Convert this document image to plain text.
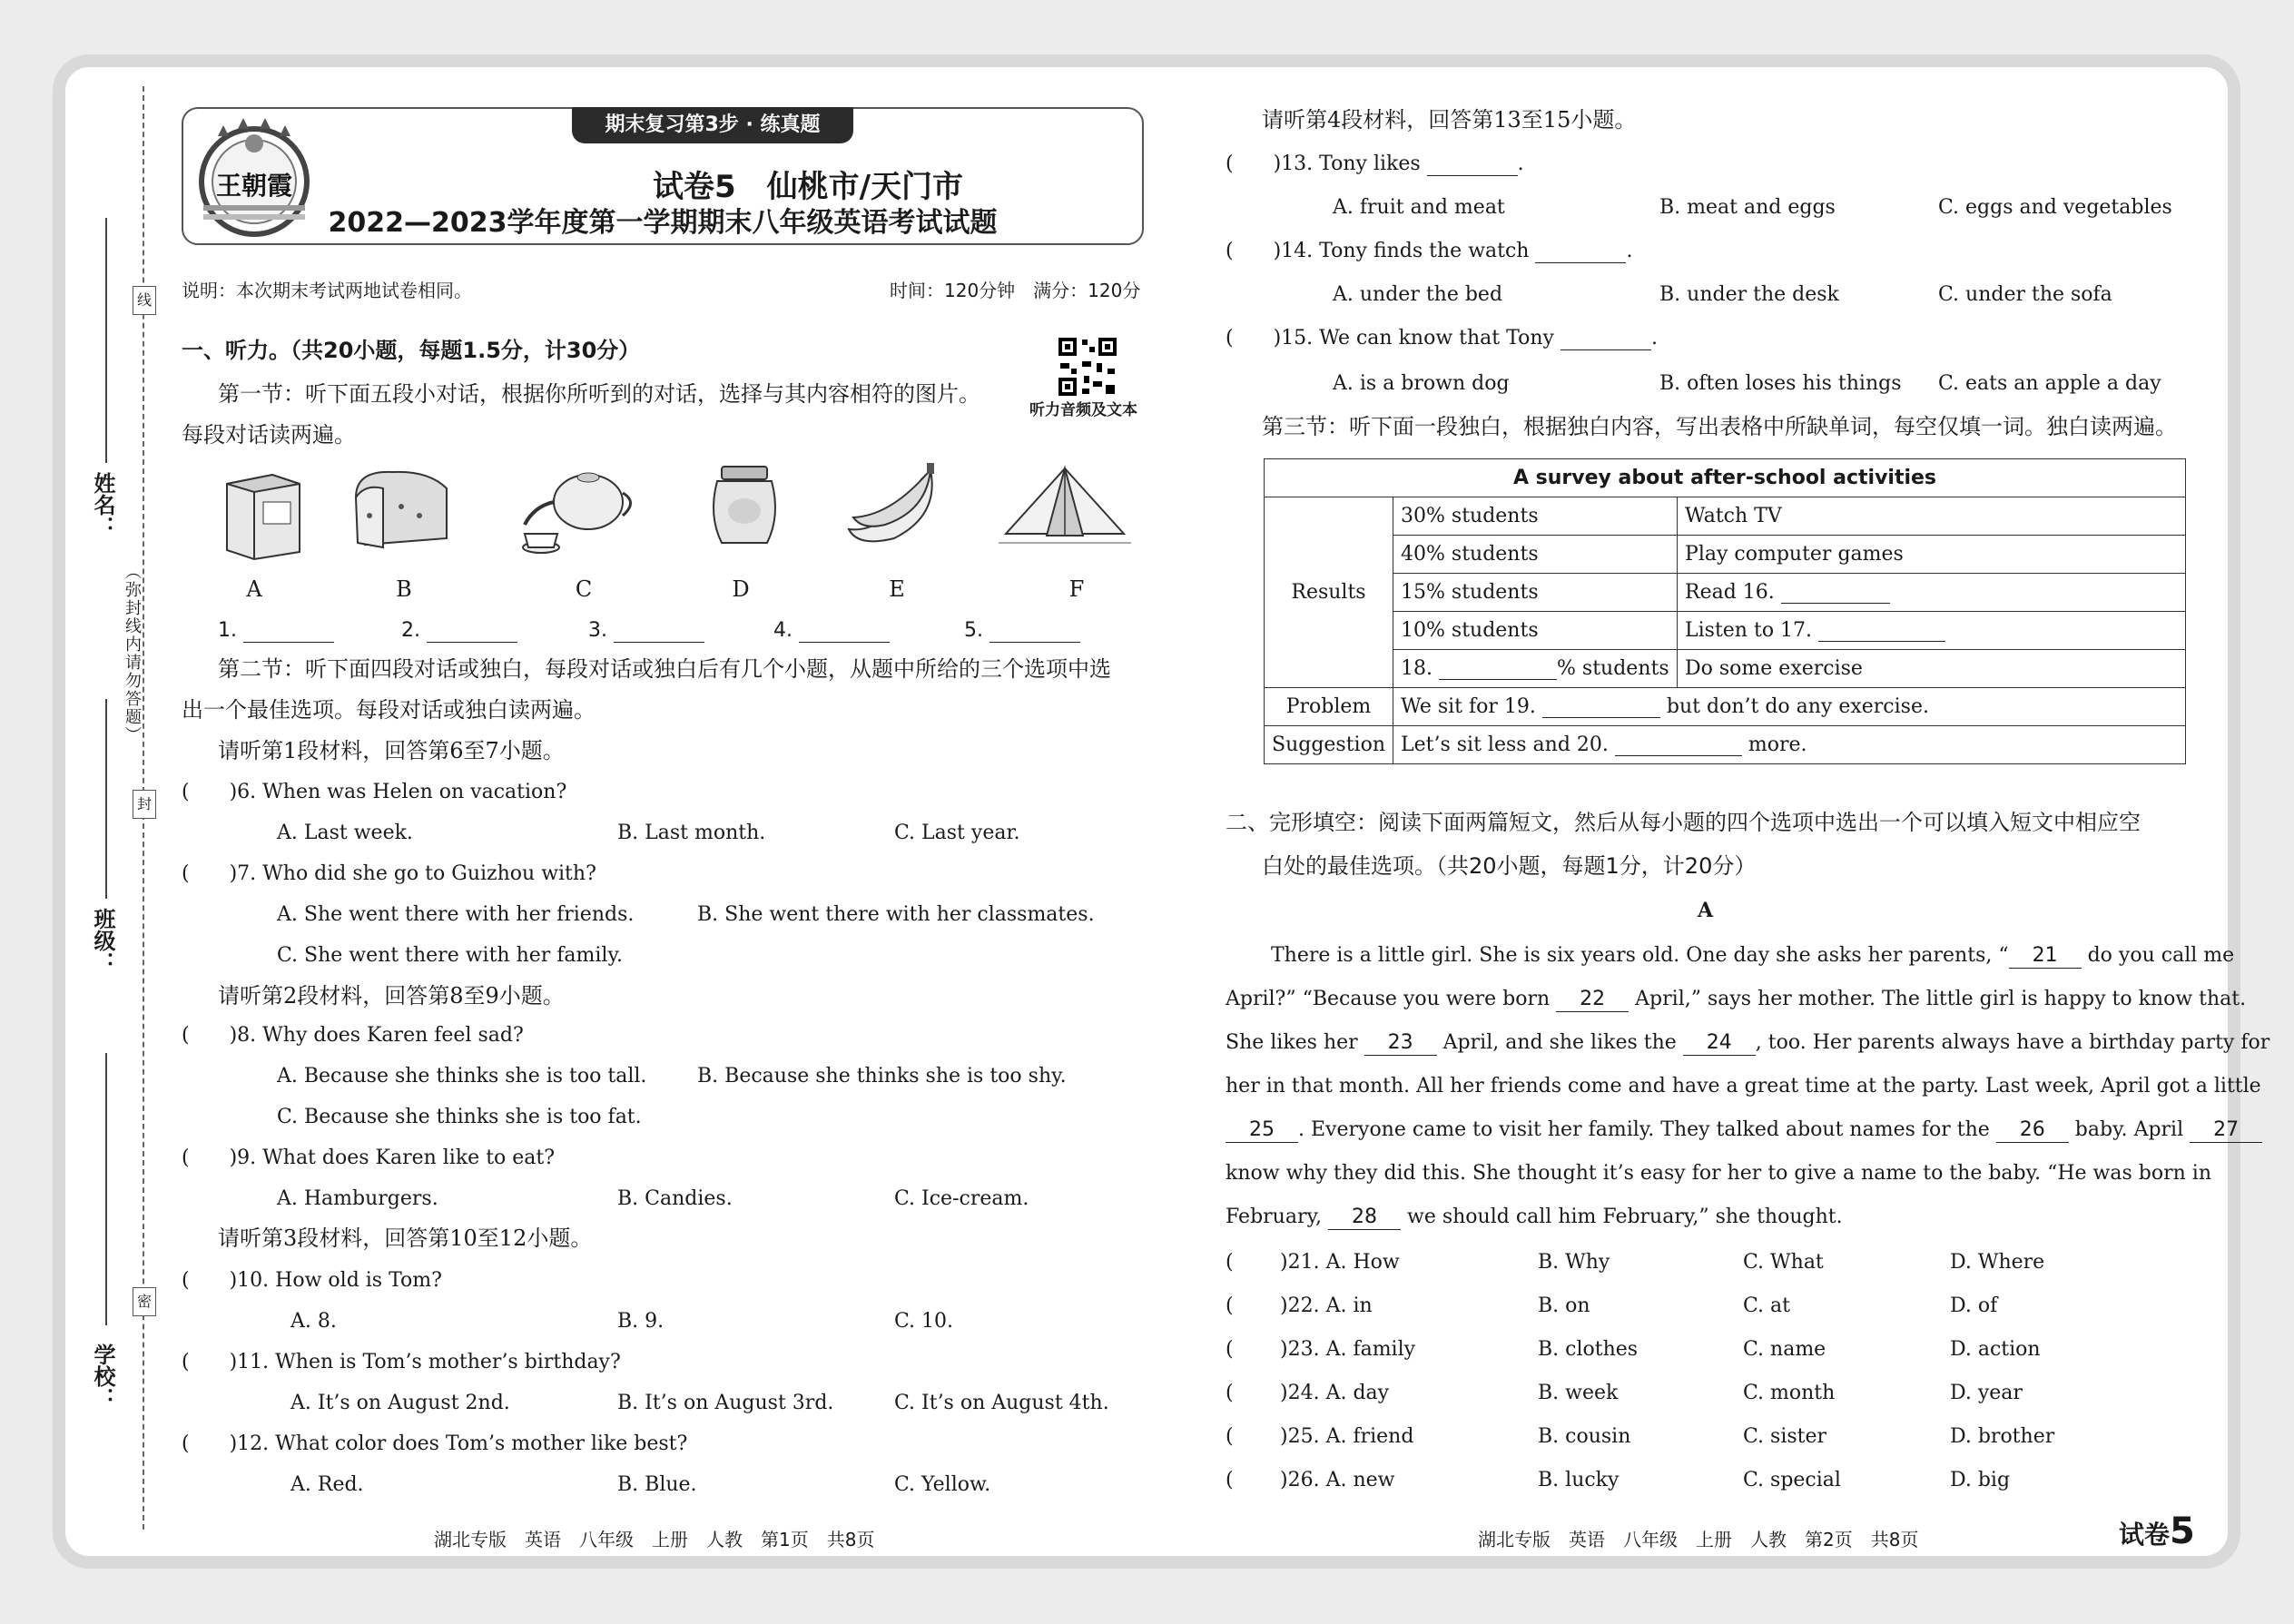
姓名：
班级：
学校：
线
封
密
（弥封线内请勿答题）
期末复习第3步 · 练真题
王朝霞	试卷5　仙桃市/天门市
2022—2023学年度第一学期期末八年级英语考试试题
说明：本次期末考试两地试卷相同。	时间：120分钟　满分：120分
一、听力。（共20小题，每题1.5分，计30分）
听力音频及文本
第一节：听下面五段小对话，根据你所听到的对话，选择与其内容相符的图片。
每段对话读两遍。
A	B	C	D	E	F
1.	2.	3.	4.	5.
第二节：听下面四段对话或独白，每段对话或独白后有几个小题，从题中所给的三个选项中选
出一个最佳选项。每段对话或独白读两遍。
请听第1段材料，回答第6至7小题。
(　　)6. When was Helen on vacation?
A. Last week.	B. Last month.	C. Last year.
(　　)7. Who did she go to Guizhou with?
A. She went there with her friends.	B. She went there with her classmates.
C. She went there with her family.
请听第2段材料，回答第8至9小题。
(　　)8. Why does Karen feel sad?
A. Because she thinks she is too tall.	B. Because she thinks she is too shy.
C. Because she thinks she is too fat.
(　　)9. What does Karen like to eat?
A. Hamburgers.	B. Candies.	C. Ice-cream.
请听第3段材料，回答第10至12小题。
(　　)10. How old is Tom?
A. 8.	B. 9.	C. 10.
(　　)11. When is Tom’s mother’s birthday?
A. It’s on August 2nd.	B. It’s on August 3rd.	C. It’s on August 4th.
(　　)12. What color does Tom’s mother like best?
A. Red.	B. Blue.	C. Yellow.
湖北专版　英语　八年级　上册　人教　第1页　共8页
请听第4段材料，回答第13至15小题。
(　　)13. Tony likes	.
A. fruit and meat	B. meat and eggs	C. eggs and vegetables
(　　)14. Tony finds the watch	.
A. under the bed	B. under the desk	C. under the sofa
(　　)15. We can know that Tony	.
A. is a brown dog	B. often loses his things C. eats an apple a day
第三节：听下面一段独白，根据独白内容，写出表格中所缺单词，每空仅填一词。独白读两遍。
A survey about after-school activities		
Results	30% students	Watch TV
	40% students	Play computer games
	15% students	Read 16.
	10% students	Listen to 17.
	18. % students	Do some exercise
Problem	We sit for 19. but don’t do any exercise.	
Suggestion	Let’s sit less and 20. more.	
二、完形填空：阅读下面两篇短文，然后从每小题的四个选项中选出一个可以填入短文中相应空
白处的最佳选项。（共20小题，每题1分，计20分）
A
There is a little girl. She is six years old. One day she asks her parents, “ 21 do you call me
April?” “Because you were born 22 April,” says her mother. The little girl is happy to know that.
She likes her 23 April, and she likes the 24 , too. Her parents always have a birthday party for
her in that month. All her friends come and have a great time at the party. Last week, April got a little
25 . Everyone came to visit her family. They talked about names for the 26 baby. April 27
know why they did this. She thought it’s easy for her to give a name to the baby. “He was born in
February, 28 we should call him February,” she thought.
( )21. A. How	B. Why	C. What	D. Where
( )22. A. in	B. on	C. at	D. of
( )23. A. family	B. clothes	C. name	D. action
( )24. A. day	B. week	C. month	D. year
( )25. A. friend	B. cousin	C. sister	D. brother
( )26. A. new	B. lucky	C. special	D. big
湖北专版　英语　八年级　上册　人教　第2页　共8页	试卷5
